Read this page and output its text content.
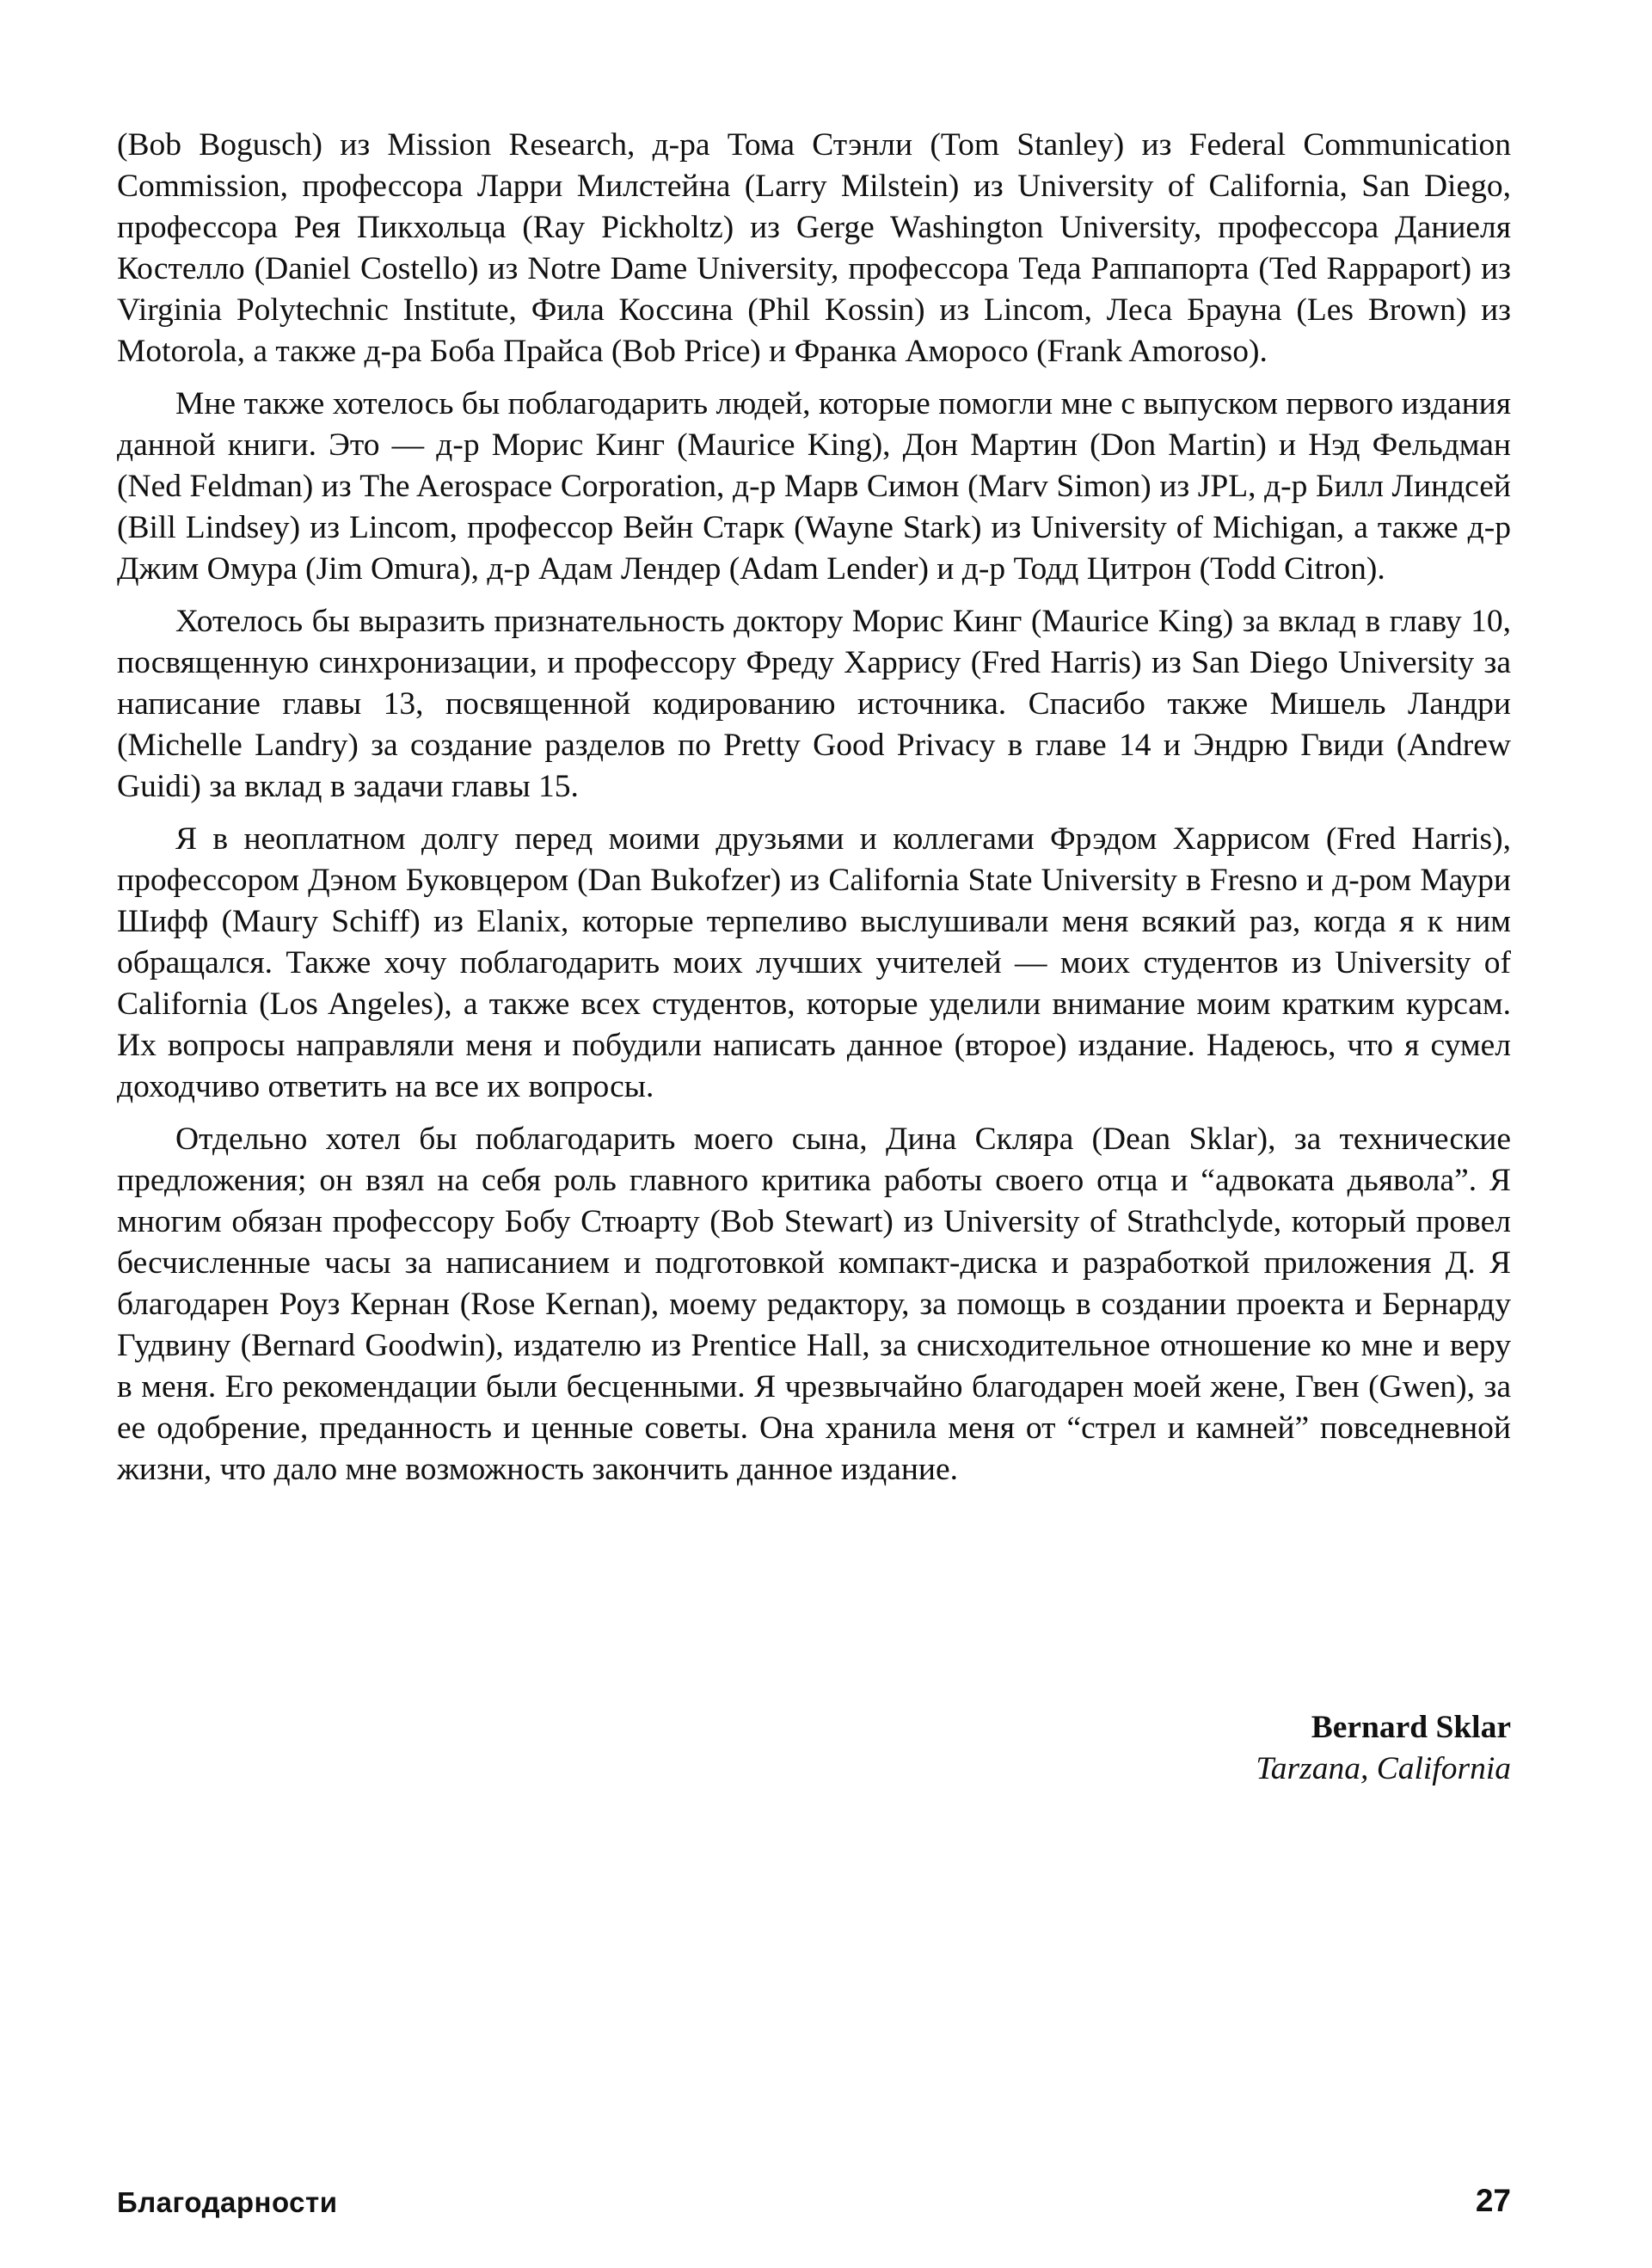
(Bob Bogusch) из Mission Research, д-ра Тома Стэнли (Tom Stanley) из Federal Communication Commission, профессора Ларри Милстейна (Larry Milstein) из University of California, San Diego, профессора Рея Пикхольца (Ray Pickholtz) из Gerge Washington University, профессора Даниеля Костелло (Daniel Costello) из Notre Dame University, профессора Теда Раппапорта (Ted Rappaport) из Virginia Polytechnic Institute, Фила Коссина (Phil Kossin) из Lincom, Леса Брауна (Les Brown) из Motorola, а также д-ра Боба Прайса (Bob Price) и Франка Аморосо (Frank Amoroso).

Мне также хотелось бы поблагодарить людей, которые помогли мне с выпуском первого издания данной книги. Это — д-р Морис Кинг (Maurice King), Дон Мартин (Don Martin) и Нэд Фельдман (Ned Feldman) из The Aerospace Corporation, д-р Марв Симон (Marv Simon) из JPL, д-р Билл Линдсей (Bill Lindsey) из Lincom, профессор Вейн Старк (Wayne Stark) из University of Michigan, а также д-р Джим Омура (Jim Omura), д-р Адам Лендер (Adam Lender) и д-р Тодд Цитрон (Todd Citron).

Хотелось бы выразить признательность доктору Морис Кинг (Maurice King) за вклад в главу 10, посвященную синхронизации, и профессору Фреду Харрису (Fred Harris) из San Diego University за написание главы 13, посвященной кодированию источника. Спасибо также Мишель Ландри (Michelle Landry) за создание разделов по Pretty Good Privacy в главе 14 и Эндрю Гвиди (Andrew Guidi) за вклад в задачи главы 15.

Я в неоплатном долгу перед моими друзьями и коллегами Фрэдом Харрисом (Fred Harris), профессором Дэном Буковцером (Dan Bukofzer) из California State University в Fresno и д-ром Маури Шифф (Maury Schiff) из Elanix, которые терпеливо выслушивали меня всякий раз, когда я к ним обращался. Также хочу поблагодарить моих лучших учителей — моих студентов из University of California (Los Angeles), а также всех студентов, которые уделили внимание моим кратким курсам. Их вопросы направляли меня и побудили написать данное (второе) издание. Надеюсь, что я сумел доходчиво ответить на все их вопросы.

Отдельно хотел бы поблагодарить моего сына, Дина Скляра (Dean Sklar), за технические предложения; он взял на себя роль главного критика работы своего отца и “адвоката дьявола”. Я многим обязан профессору Бобу Стюарту (Bob Stewart) из University of Strathclyde, который провел бесчисленные часы за написанием и подготовкой компакт-диска и разработкой приложения Д. Я благодарен Роуз Кернан (Rose Kernan), моему редактору, за помощь в создании проекта и Бернарду Гудвину (Bernard Goodwin), издателю из Prentice Hall, за снисходительное отношение ко мне и веру в меня. Его рекомендации были бесценными. Я чрезвычайно благодарен моей жене, Гвен (Gwen), за ее одобрение, преданность и ценные советы. Она хранила меня от “стрел и камней” повседневной жизни, что дало мне возможность закончить данное издание.

Bernard Sklar
Tarzana, California
Благодарности	27
